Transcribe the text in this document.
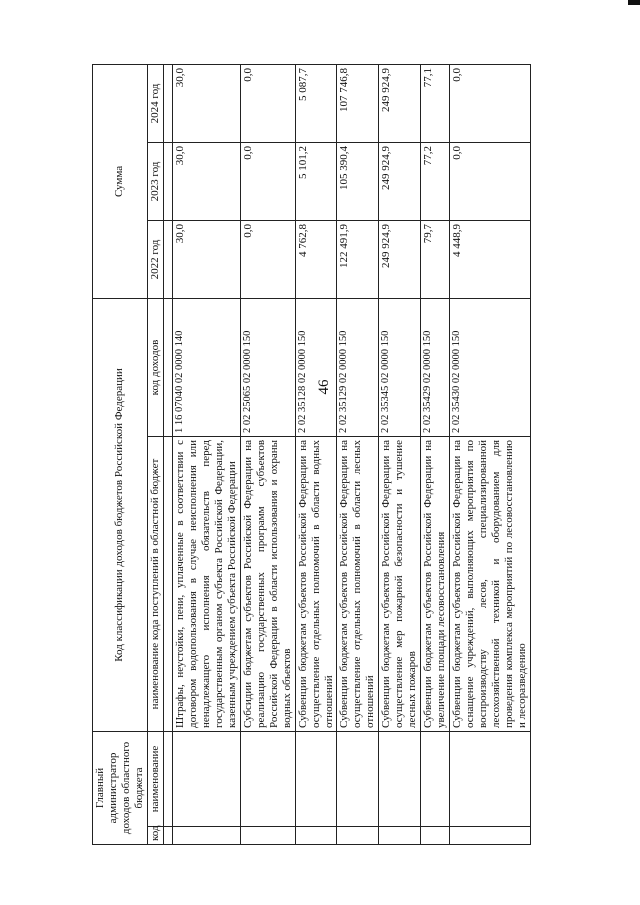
46
Главный администратор доходов областного бюджета		Код классификации доходов бюджетов Российской Федерации		Сумма		
код	наименование	наименование кода поступлений в областной бюджет	код доходов			
				2022 год	2023 год	2024 год

		Штрафы, неустойки, пени, уплаченные в соответствии с договором водопользования в случае неисполнения или ненадлежащего исполнения обязательств перед государственным органом субъекта Российской Федерации, казенным учреждением субъекта Российской Федерации	1 16 07040 02 0000 140	30,0	30,0	30,0
		Субсидии бюджетам субъектов Российской Федерации на реализацию государственных программ субъектов Российской Федерации в области использования и охраны водных объектов	2 02 25065 02 0000 150	0,0	0,0	0,0
		Субвенции бюджетам субъектов Российской Федерации на осуществление отдельных полномочий в области водных отношений	2 02 35128 02 0000 150	4 762,8	5 101,2	5 087,7
		Субвенции бюджетам субъектов Российской Федерации на осуществление отдельных полномочий в области лесных отношений	2 02 35129 02 0000 150	122 491,9	105 390,4	107 746,8
		Субвенции бюджетам субъектов Российской Федерации на осуществление мер пожарной безопасности и тушение лесных пожаров	2 02 35345 02 0000 150	249 924,9	249 924,9	249 924,9
		Субвенции бюджетам субъектов Российской Федерации на увеличение площади лесовосстановления	2 02 35429 02 0000 150	79,7	77,2	77,1
		Субвенции бюджетам субъектов Российской Федерации на оснащение учреждений, выполняющих мероприятия по воспроизводству лесов, специализированной лесохозяйственной техникой и оборудованием для проведения комплекса мероприятий по лесовосстановлению и лесоразведению	2 02 35430 02 0000 150	4 448,9	0,0	0,0
